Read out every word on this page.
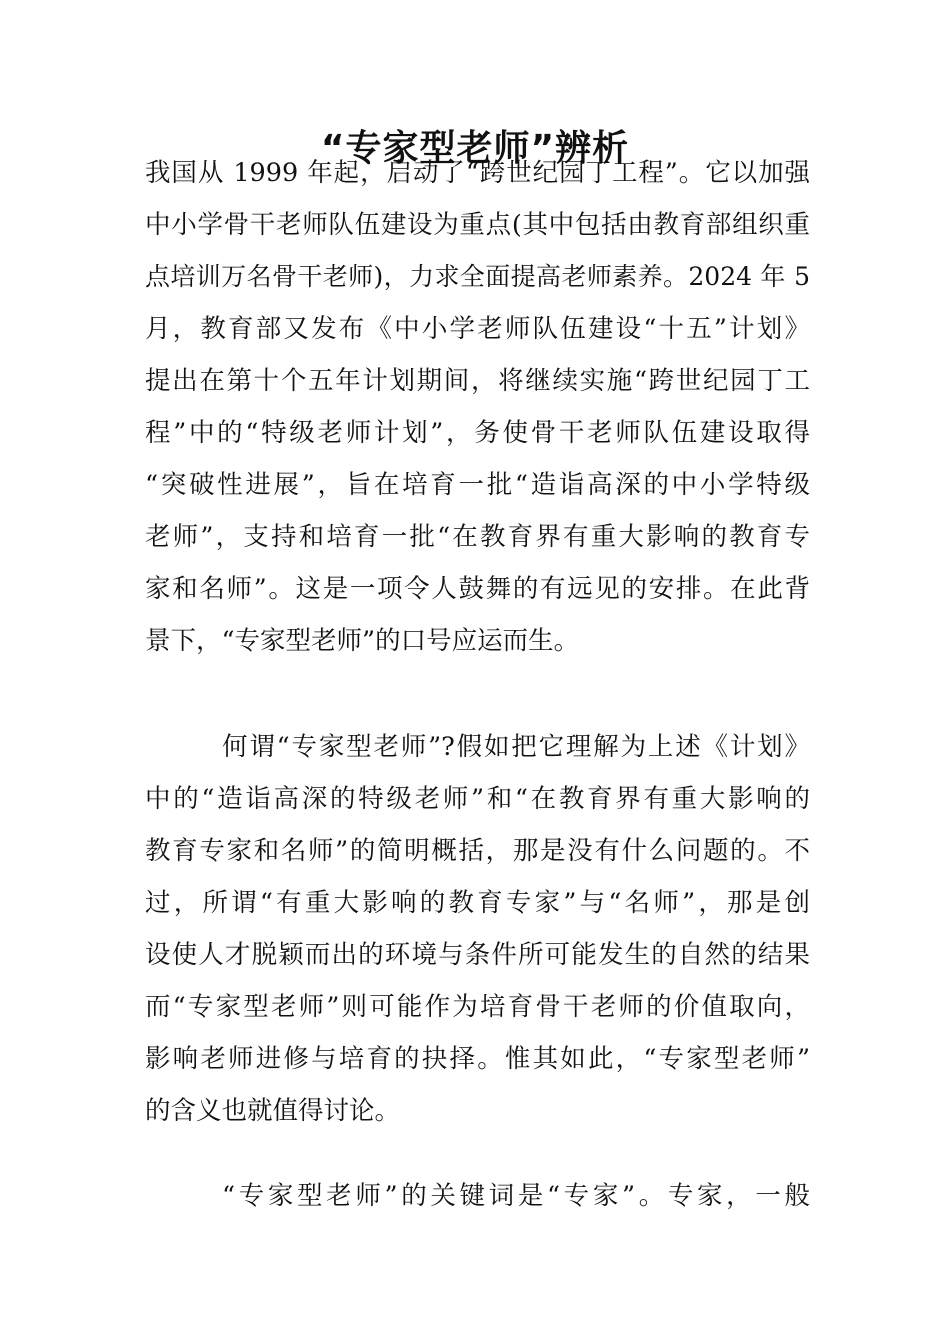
“专家型老师”辨析
我国从 1999 年起，启动了“跨世纪园丁工程”。它以加强
中小学骨干老师队伍建设为重点(其中包括由教育部组织重
点培训万名骨干老师)，力求全面提高老师素养。2024 年 5
月，教育部又发布《中小学老师队伍建设“十五”计划》
提出在第十个五年计划期间，将继续实施“跨世纪园丁工
程”中的“特级老师计划”，务使骨干老师队伍建设取得
“突破性进展”，旨在培育一批“造诣高深的中小学特级
老师”，支持和培育一批“在教育界有重大影响的教育专
家和名师”。这是一项令人鼓舞的有远见的安排。在此背
景下，“专家型老师”的口号应运而生。
何谓“专家型老师”?假如把它理解为上述《计划》
中的“造诣高深的特级老师”和“在教育界有重大影响的
教育专家和名师”的简明概括，那是没有什么问题的。不
过，所谓“有重大影响的教育专家”与“名师”，那是创
设使人才脱颖而出的环境与条件所可能发生的自然的结果
而“专家型老师”则可能作为培育骨干老师的价值取向，
影响老师进修与培育的抉择。惟其如此，“专家型老师”
的含义也就值得讨论。
“专家型老师”的关键词是“专家”。专家，一般
